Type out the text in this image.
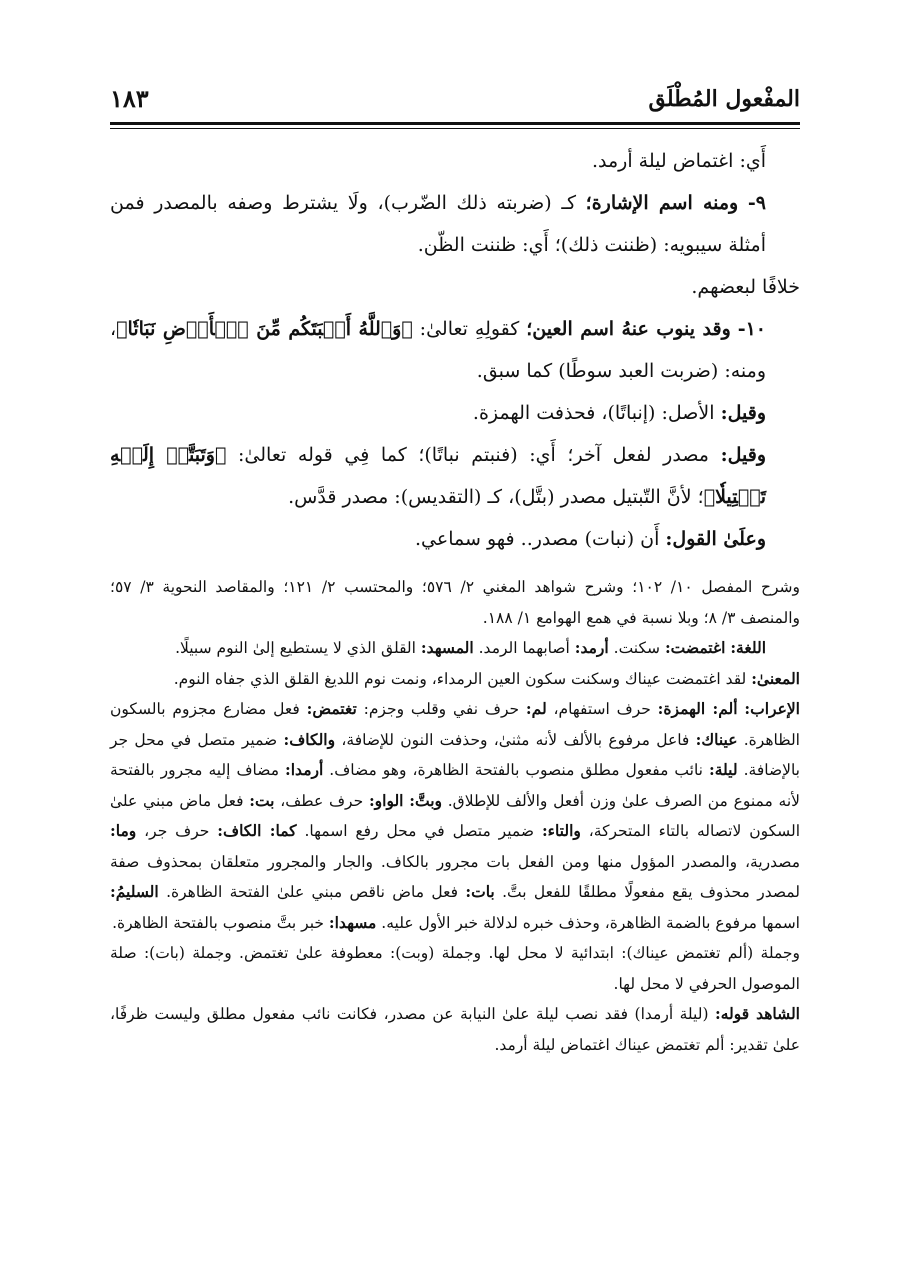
المفْعول المُطْلَق
١٨٣

أَي: اغتماض ليلة أرمد.

٩- ومنه اسم الإشارة؛ كـ (ضربته ذلك الضّرب)، ولَا يشترط وصفه بالمصدر فمن أمثلة سيبويه: (ظننت ذلك)؛ أَي: ظننت الظّن.

خلافًا لبعضهم.

١٠- وقد ينوب عنهُ اسم العين؛ كقولِهِ تعالىٰ: ﴿وَٱللَّهُ أَنۢبَتَكُم مِّنَ ٱلۡأَرۡضِ نَبَاتٗا﴾، ومنه: (ضربت العبد سوطًا) كما سبق.

وقيل: الأصل: (إنباتًا)، فحذفت الهمزة.

وقيل: مصدر لفعل آخر؛ أَي: (فنبتم نباتًا)؛ كما فِي قوله تعالىٰ: ﴿وَتَبَتَّلۡ إِلَيۡهِ تَبۡتِيلٗا﴾؛ لأنَّ التّبتيل مصدر (بتَّل)، كـ (التقديس): مصدر قدَّس.

وعلَىٰ القول: أَن (نبات) مصدر.. فهو سماعي.

وشرح المفصل ١٠/ ١٠٢؛ وشرح شواهد المغني ٢/ ٥٧٦؛ والمحتسب ٢/ ١٢١؛ والمقاصد النحوية ٣/ ٥٧؛ والمنصف ٣/ ٨؛ وبلا نسبة في همع الهوامع ١/ ١٨٨.

اللغة: اغتمضت: سكنت. أرمد: أصابهما الرمد. المسهد: القلق الذي لا يستطيع إلىٰ النوم سبيلًا.

المعنىٰ: لقد اغتمضت عيناك وسكنت سكون العين الرمداء، ونمت نوم اللديغ القلق الذي جفاه النوم.

الإعراب: ألم: الهمزة: حرف استفهام، لم: حرف نفي وقلب وجزم: تغتمض: فعل مضارع مجزوم بالسكون الظاهرة. عيناك: فاعل مرفوع بالألف لأنه مثنىٰ، وحذفت النون للإضافة، والكاف: ضمير متصل في محل جر بالإضافة. ليلة: نائب مفعول مطلق منصوب بالفتحة الظاهرة، وهو مضاف. أرمدا: مضاف إليه مجرور بالفتحة لأنه ممنوع من الصرف علىٰ وزن أفعل والألف للإطلاق. وبتَّ: الواو: حرف عطف، بت: فعل ماض مبني علىٰ السكون لاتصاله بالتاء المتحركة، والتاء: ضمير متصل في محل رفع اسمها. كما: الكاف: حرف جر، وما: مصدرية، والمصدر المؤول منها ومن الفعل بات مجرور بالكاف. والجار والمجرور متعلقان بمحذوف صفة لمصدر محذوف يقع مفعولًا مطلقًا للفعل بتَّ. بات: فعل ماض ناقص مبني علىٰ الفتحة الظاهرة. السليمُ: اسمها مرفوع بالضمة الظاهرة، وحذف خبره لدلالة خبر الأول عليه. مسهدا: خبر بتَّ منصوب بالفتحة الظاهرة.

وجملة (ألم تغتمض عيناك): ابتدائية لا محل لها. وجملة (وبت): معطوفة علىٰ تغتمض. وجملة (بات): صلة الموصول الحرفي لا محل لها.

الشاهد قوله: (ليلة أرمدا) فقد نصب ليلة علىٰ النيابة عن مصدر، فكانت نائب مفعول مطلق وليست ظرفًا، علىٰ تقدير: ألم تغتمض عيناك اغتماض ليلة أرمد.
